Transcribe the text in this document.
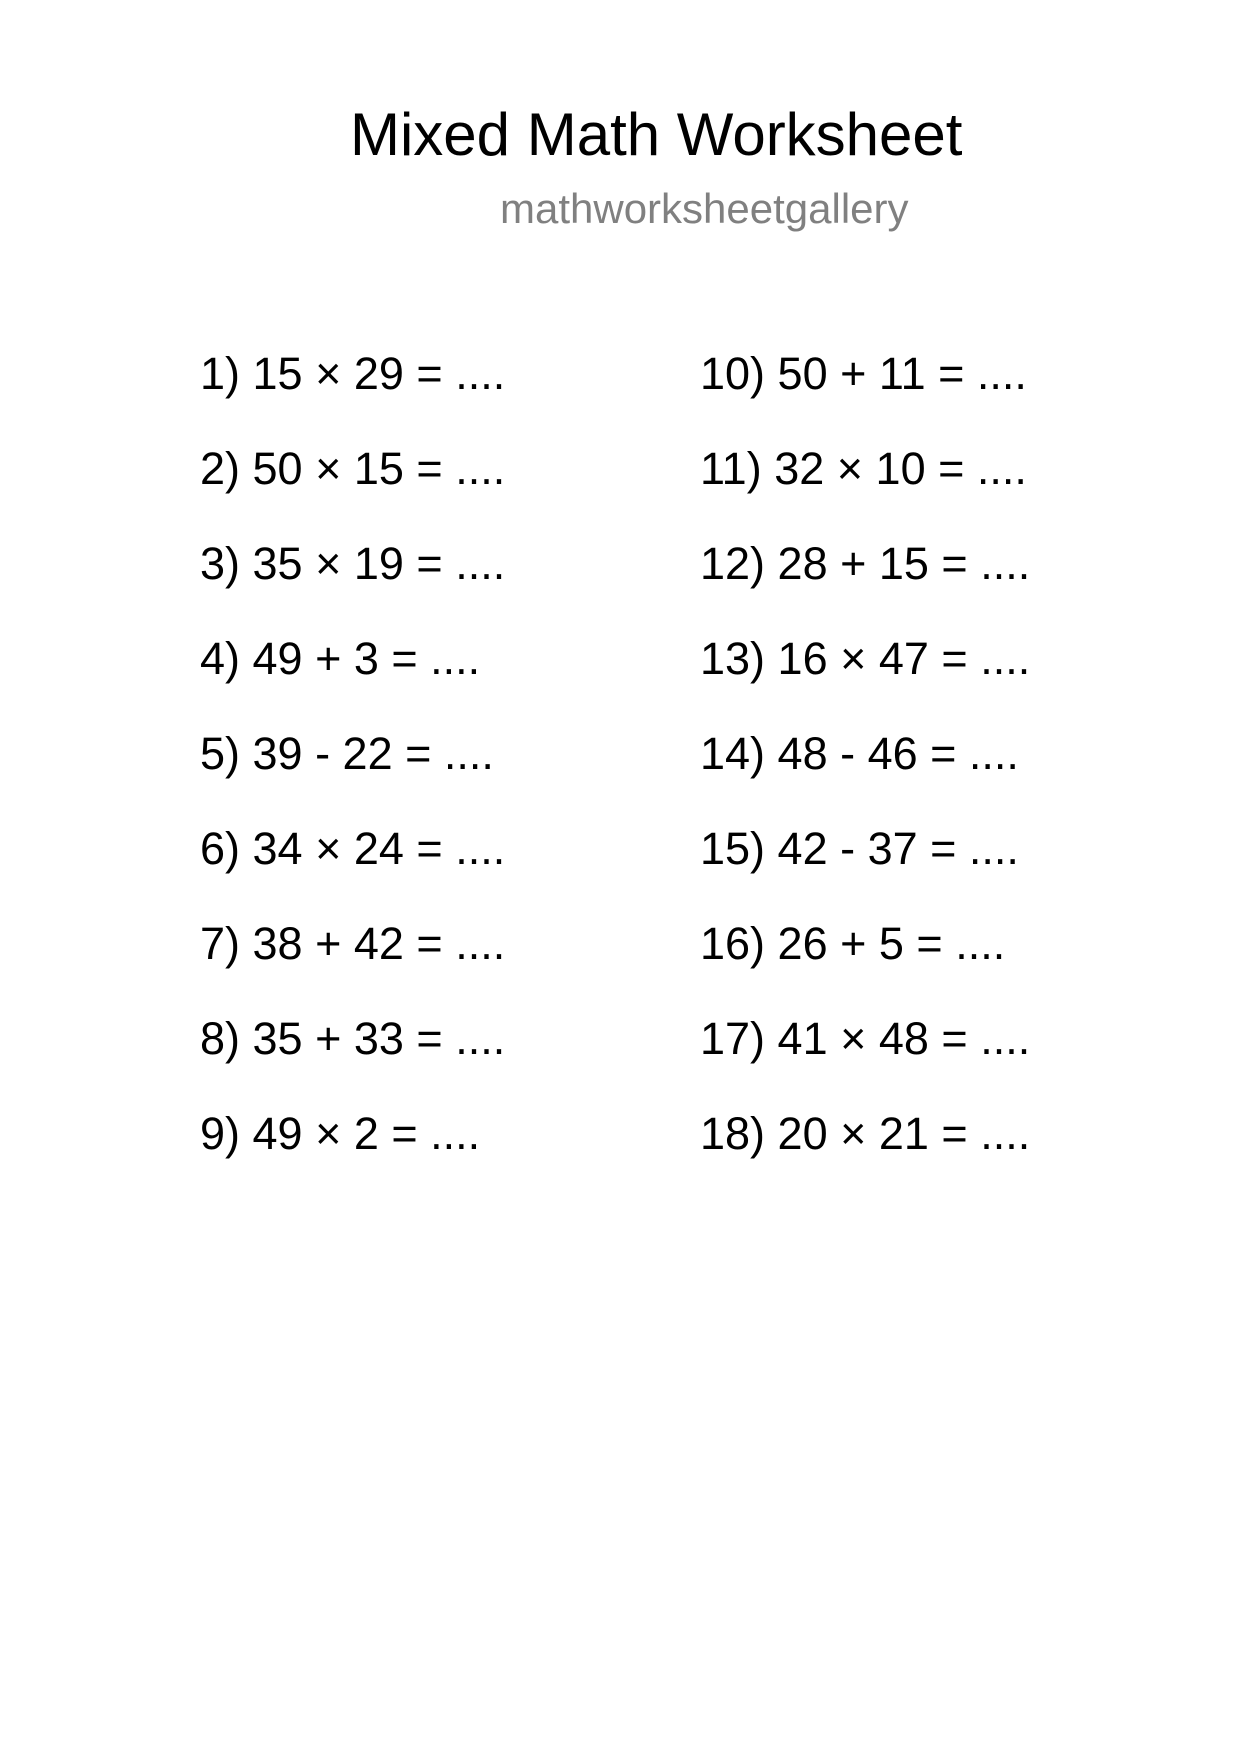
Mixed Math Worksheet
mathworksheetgallery
1) 15 × 29 = ....
2) 50 × 15 = ....
3) 35 × 19 = ....
4) 49 + 3 = ....
5) 39 - 22 = ....
6) 34 × 24 = ....
7) 38 + 42 = ....
8) 35 + 33 = ....
9) 49 × 2 = ....
10) 50 + 11 = ....
11) 32 × 10 = ....
12) 28 + 15 = ....
13) 16 × 47 = ....
14) 48 - 46 = ....
15) 42 - 37 = ....
16) 26 + 5 = ....
17) 41 × 48 = ....
18) 20 × 21 = ....
